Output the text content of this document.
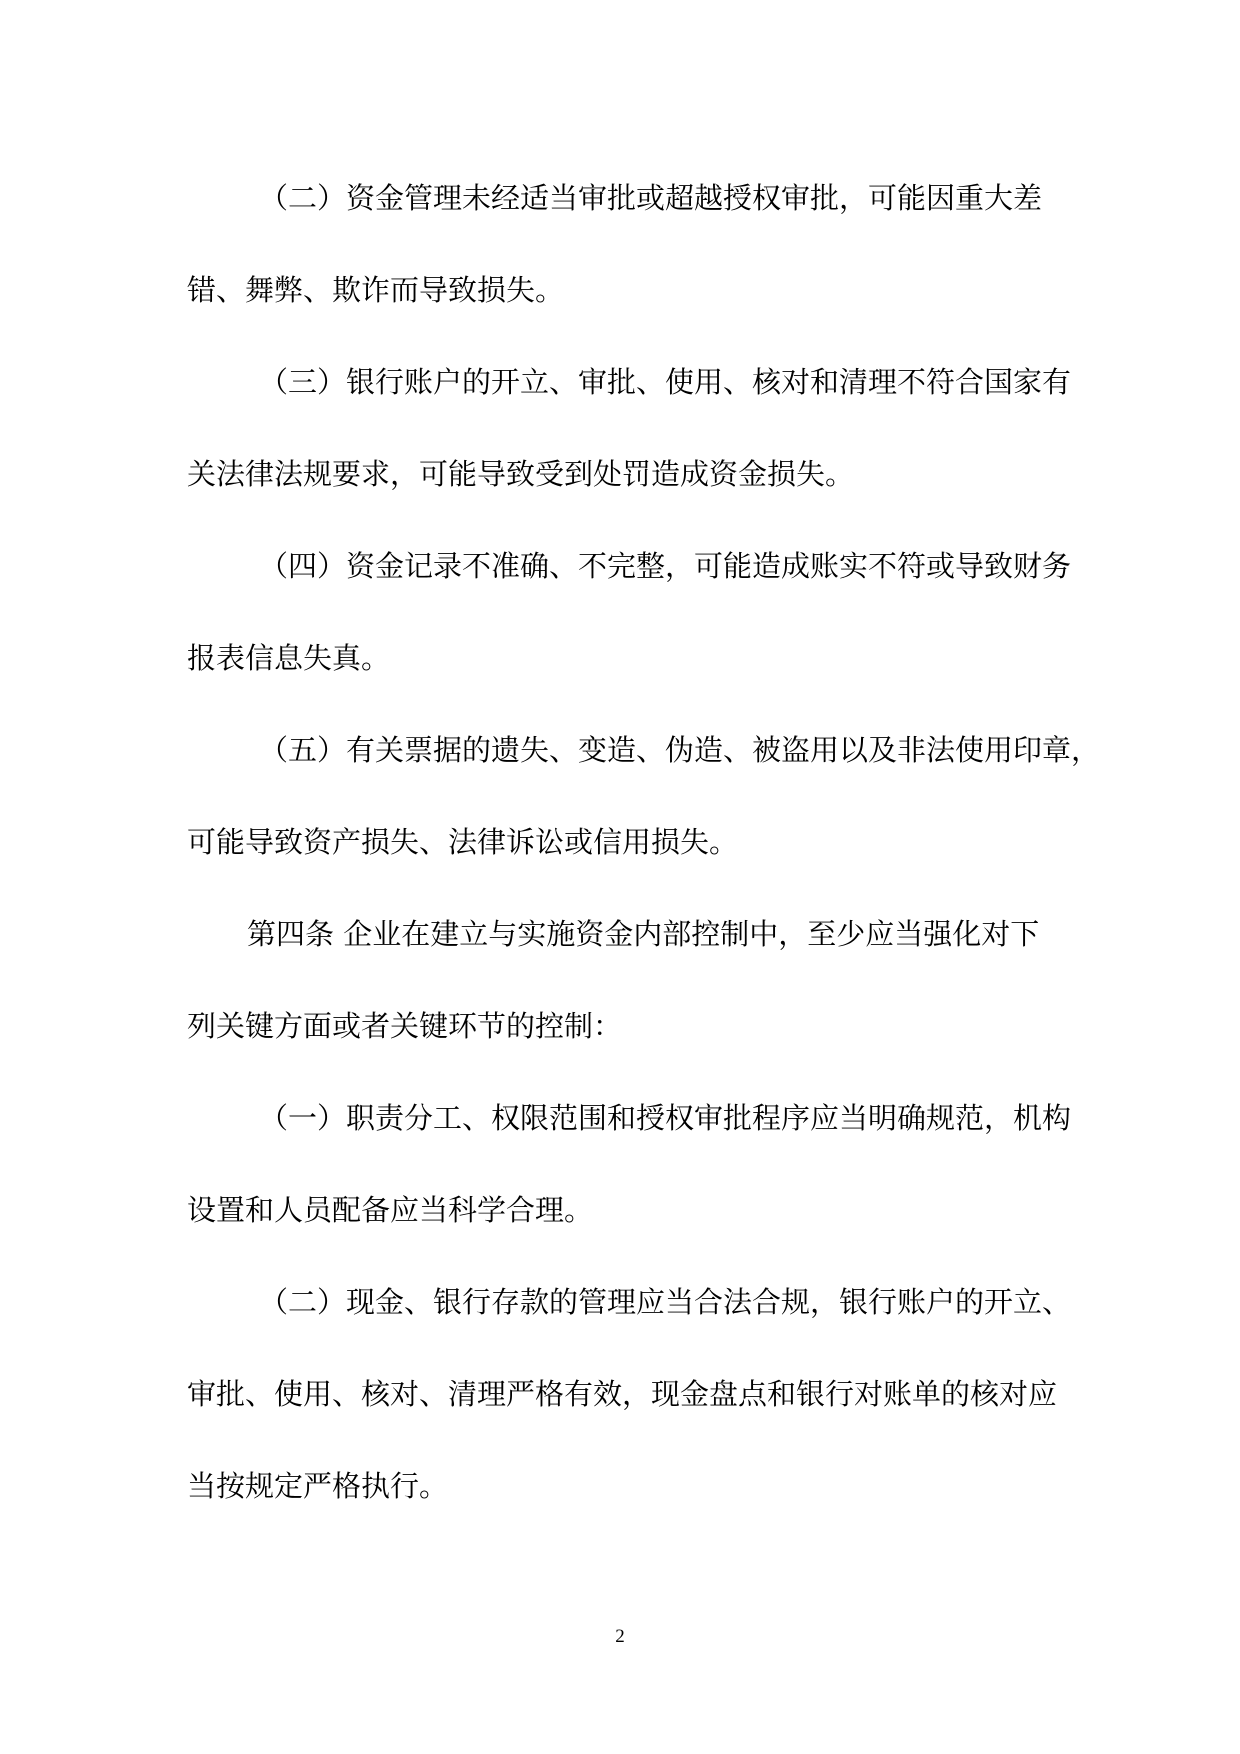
（二）资金管理未经适当审批或超越授权审批，可能因重大差
错、舞弊、欺诈而导致损失。
（三）银行账户的开立、审批、使用、核对和清理不符合国家有
关法律法规要求，可能导致受到处罚造成资金损失。
（四）资金记录不准确、不完整，可能造成账实不符或导致财务
报表信息失真。
（五）有关票据的遗失、变造、伪造、被盗用以及非法使用印章，
可能导致资产损失、法律诉讼或信用损失。
第四条 企业在建立与实施资金内部控制中，至少应当强化对下
列关键方面或者关键环节的控制：
（一）职责分工、权限范围和授权审批程序应当明确规范，机构
设置和人员配备应当科学合理。
（二）现金、银行存款的管理应当合法合规，银行账户的开立、
审批、使用、核对、清理严格有效，现金盘点和银行对账单的核对应
当按规定严格执行。
2
